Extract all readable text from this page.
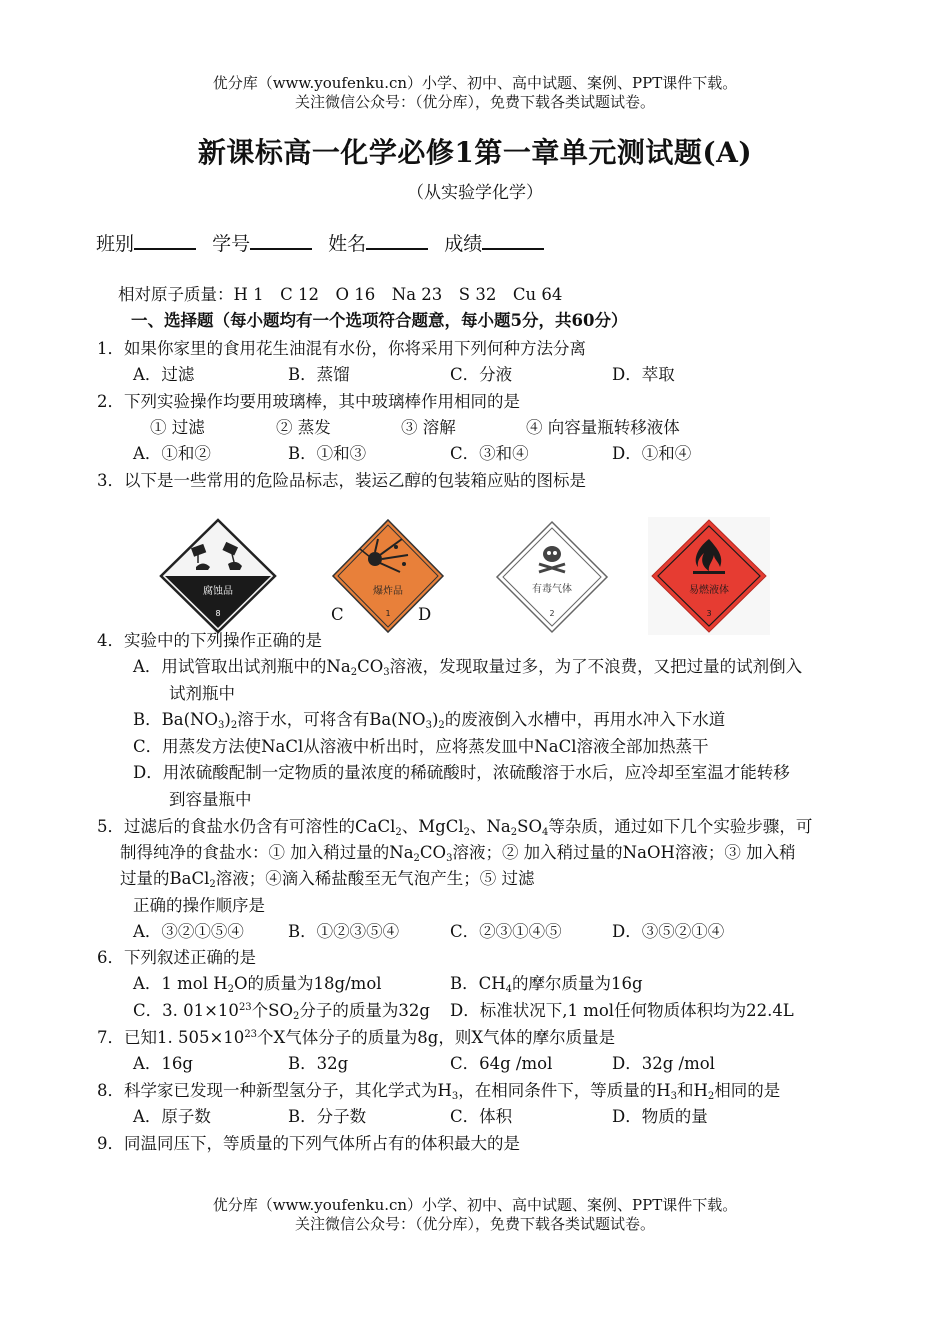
优分库（www.youfenku.cn）小学、初中、高中试题、案例、PPT课件下载。
关注微信公众号：（优分库），免费下载各类试题试卷。
新课标高一化学必修1第一章单元测试题(A)
（从实验学化学）
班别	学号	姓名	成绩
相对原子质量：H 1　C 12　O 16　Na 23　S 32　Cu 64
一、选择题（每小题均有一个选项符合题意，每小题5分，共60分）
1．如果你家里的食用花生油混有水份，你将采用下列何种方法分离
A．过滤	B．蒸馏	C．分液	D．萃取
2．下列实验操作均要用玻璃棒，其中玻璃棒作用相同的是
① 过滤	② 蒸发	③ 溶解	④ 向容量瓶转移液体
A．①和②	B．①和③	C．③和④	D．①和④
3．以下是一些常用的危险品标志，装运乙醇的包装箱应贴的图标是
腐蚀品
8
爆炸品
1
有毒气体
2
易燃液体
3
C	D
4．实验中的下列操作正确的是
A．用试管取出试剂瓶中的$Na_2CO_3$溶液，发现取量过多，为了不浪费，又把过量的试剂倒入
试剂瓶中
B．$Ba(NO_3)_2$溶于水，可将含有$Ba(NO_3)_2$的废液倒入水槽中，再用水冲入下水道
C．用蒸发方法使NaCl从溶液中析出时，应将蒸发皿中NaCl溶液全部加热蒸干
D．用浓硫酸配制一定物质的量浓度的稀硫酸时，浓硫酸溶于水后，应冷却至室温才能转移
到容量瓶中
5．过滤后的食盐水仍含有可溶性的CaCl$_2$、MgCl$_2$、$Na_2SO_4$等杂质，通过如下几个实验步骤，可
制得纯净的食盐水：① 加入稍过量的$Na_2CO_3$溶液；② 加入稍过量的NaOH溶液；③ 加入稍
过量的BaCl$_2$溶液；④滴入稀盐酸至无气泡产生；⑤ 过滤
正确的操作顺序是
A．③②①⑤④	B．①②③⑤④	C．②③①④⑤	D．③⑤②①④
6．下列叙述正确的是
A．1 mol $H_2O$的质量为18g/mol	B．$CH_4$的摩尔质量为16g
C．3. $01\times 10^{23}$个$SO_2$分子的质量为32g D．标准状况下,1 mol任何物质体积均为22.4L
7．已知1. $505\times 10^{23}$个X气体分子的质量为8g，则X气体的摩尔质量是
A．16g	B．32g	C．64g /mol	D．32g /mol
8．科学家已发现一种新型氢分子，其化学式为$H_3$，在相同条件下，等质量的$H_3$和$H_2$相同的是
A．原子数	B．分子数	C．体积	D．物质的量
9．同温同压下，等质量的下列气体所占有的体积最大的是
优分库（www.youfenku.cn）小学、初中、高中试题、案例、PPT课件下载。
关注微信公众号：（优分库），免费下载各类试题试卷。
